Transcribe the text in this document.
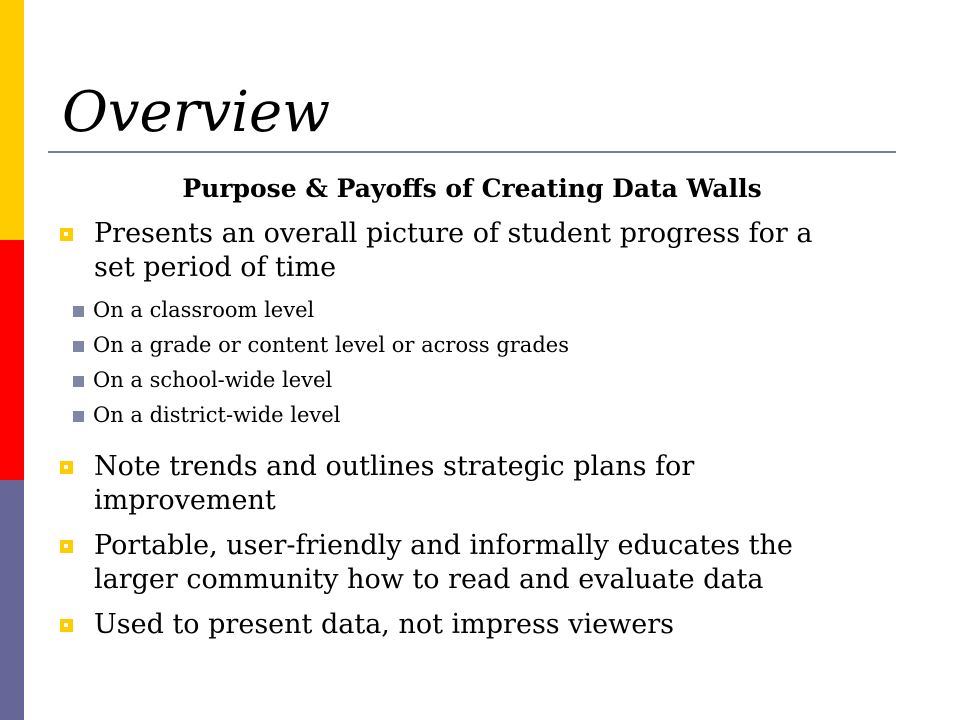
Overview
Purpose & Payoffs of Creating Data Walls
Presents an overall picture of student progress for a
set period of time
On a classroom level
On a grade or content level or across grades
On a school-wide level
On a district-wide level
Note trends and outlines strategic plans for
improvement
Portable, user-friendly and informally educates the
larger community how to read and evaluate data
Used to present data, not impress viewers
